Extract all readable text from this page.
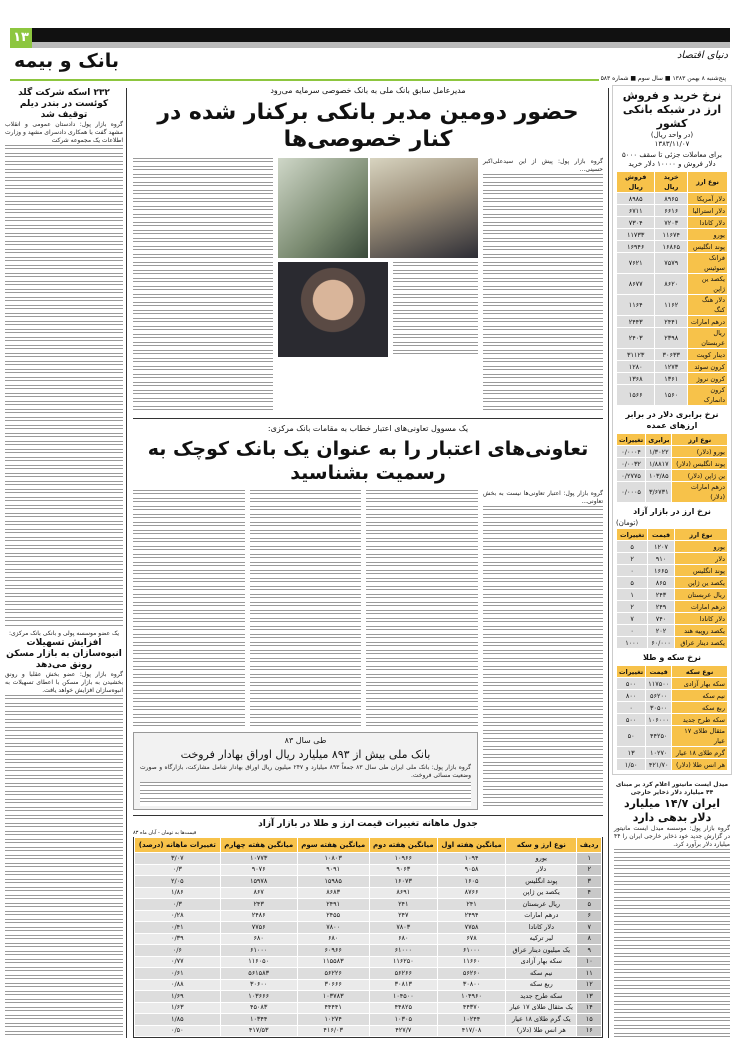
۱۳
دنیای اقتصاد
بانک و بیمه
پنج‌شنبه ۸ بهمن ۱۳۸۳ ■ سال سوم ■ شماره ۵۸۳
مدیرعامل سابق بانک ملی به بانک خصوصی سرمایه می‌رود
حضور دومین مدیر بانکی برکنار شده در کنار خصوصی‌ها
گروه بازار پول: پیش از این سیدعلی‌اکبر حسینی...
یک مسوول تعاونی‌های اعتبار خطاب به مقامات بانک مرکزی:
تعاونی‌های اعتبار را به عنوان یک بانک کوچک به رسمیت بشناسید
گروه بازار پول: اعتبار تعاونی‌ها نیست به بخش تعاونی...
طی سال ۸۳
بانک ملی بیش از ۸۹۳ میلیارد ریال اوراق بهادار فروخت
گروه بازار پول: بانک ملی ایران طی سال ۸۳ جمعاً ۸۹۳ میلیارد و ۲۴۷ میلیون ریال اوراق بهادار شامل مشارکت، بازارگاه و صورت وضعیت مسائی فروخت.
جدول ماهانه تغییرات قیمت ارز و طلا در بازار آزاد
قیمت‌ها به تومان - آبان ماه ۸۳
ردیف	نوع ارز و سکه	میانگین هفته اول	میانگین هفته دوم	میانگین هفته سوم	میانگین هفته چهارم	تغییرات ماهانه (درصد)
۱	یورو	۱۰۹۴	۱۰۹۶۶	۱۰۸۰۳	۱۰۷۷۳	۳/۰۷
۲	دلار	۹۰۵۸	۹۰۶۳	۹۰۹۱	۹۰۷۶	۰/۳
۳	پوند انگلیس	۱۶۰۵	۱۶۰۷۳	۱۵۹۸۵	۱۵۹۷۸	۲/۰۵
۴	یکصد ین ژاپن	۸۷۶۶	۸۶۹۱	۸۶۸۳	۸۶۷	۱/۸۶
۵	ریال عربستان	۲۴۱	۲۴۱	۲۴۹۱	۲۴۳	۰/۳
۶	درهم امارات	۲۴۹۴	۲۴۷	۲۴۵۵	۲۴۸۶	۰/۲۸
۷	دلار کانادا	۷۷۵۸	۷۸۰۳	۷۸۰۰	۷۷۵۶	۰/۴۱
۸	لیر ترکیه	۶۷۸	۶۸۰	۶۸۰	۶۸۰	۰/۳۹
۹	یک میلیون دینار عراق	۶۱۰۰۰	۶۱۰۰۰	۶۰۹۶۶	۶۱۰۰۰	۰/۶
۱۰	سکه بهار آزادی	۱۱۶۶۰	۱۱۶۲۵۰	۱۱۵۵۸۳	۱۱۶۰۵۰	۰/۷۷
۱۱	نیم سکه	۵۶۲۶۰	۵۶۲۶۶	۵۶۲۲۶	۵۶۱۵۸۳	۰/۶۱
۱۲	ربع سکه	۳۰۸۰۰	۳۰۸۱۳	۳۰۶۶۶	۳۰۶۰۰	۰/۸۸
۱۳	سکه طرح جدید	۱۰۴۹۶۰	۱۰۴۵۰۰	۱۰۳۷۸۳	۱۰۳۶۶۶	۱/۶۹
۱۴	یک مثقال طلای ۱۷ عیار	۴۴۳۷۰	۴۴۸۲۵	۴۴۴۴۱	۴۵۰۸۳	۱/۶۳
۱۵	یک گرم طلای ۱۸ عیار	۱۰۲۴۴	۱۰۳۰۵	۱۰۲۷۴	۱۰۳۴۴	۱/۸۵
۱۶	هر انس طلا (دلار)	۴۱۷/۰۸	۴۲۷/۷	۴۱۶/۰۳	۴۱۷/۵۳	۰/۵۰
۲۳۲ اسکه شرکت گلد کوئست در بندر دیلم توقیف شد
گروه بازار پول: دادستان عمومی و انقلاب مشهد گفت با همکاری دادسرای مشهد و وزارت اطلاعات یک مجموعه شرکت
یک عضو موسسه پولی و بانکی بانک مرکزی:
افزایش تسهیلات انبوه‌سازان به بازار مسکن رونق می‌دهد
گروه بازار پول: عضو بخش عقلبا و رونق بخشیدن به بازار مسکن با اعطای تسهیلات به انبوه‌سازان افزایش خواهد یافت.
نرخ خرید و فروش ارز در شبکه بانکی کشور
(در واحد ریال)
۱۳۸۳/۱۱/۰۷
برای معاملات جزئی تا سقف ۵۰۰۰ دلار فروش و ۱۰۰۰۰ دلار خرید
نوع ارز	خرید ریال	فروش ریال
دلار آمریکا	۸۹۶۵	۸۹۸۵
دلار استرالیا	۶۶۱۶	۶۷۱۱
دلار کانادا	۷۲۰۳	۷۳۰۴
یورو	۱۱۶۷۴	۱۱۷۳۳
پوند انگلیس	۱۶۸۶۵	۱۶۹۴۶
فرانک سوئیس	۷۵۷۹	۷۶۲۱
یکصد ین ژاپن	۸۶۲۰	۸۶۷۷
دلار هنگ کنگ	۱۱۶۲	۱۱۶۴
درهم امارات	۲۴۴۱	۲۴۴۳
ریال عربستان	۲۳۹۸	۲۴۰۳
دینار کویت	۳۰۶۳۳	۳۱۱۲۳
کرون سوئد	۱۲۷۳	۱۲۸۰
کرون نروژ	۱۳۶۱	۱۳۶۸
کرون دانمارک	۱۵۶۰	۱۵۶۶
نرخ برابری دلار در برابر ارزهای عمده
نوع ارز	برابری	تغییرات
یورو (دلار)	۱/۳۰۲۲	۰/۰۰۰۴
پوند انگلیس (دلار)	۱/۸۸۱۷	۰/۰۰۳۲
ین ژاپن (دلار)	۱۰۳/۸۵	۰/۲۷۷۵
درهم امارات (دلار)	۳/۶۷۳۱	۰/۰۰۰۵
نرخ ارز در بازار آزاد
(تومان)
نوع ارز	قیمت	تغییرات
یورو	۱۲۰۷	۵
دلار	۹۱۰	۲
پوند انگلیس	۱۶۶۵	۰
یکصد ین ژاپن	۸۶۵	۵
ریال عربستان	۲۴۳	۱
درهم امارات	۲۴۹	۲
دلار کانادا	۷۴۰	۷
یکصد روپیه هند	۲۰۲	۰
یکصد دینار عراق	۶۰/۰۰۰	۱۰۰۰
نرخ سکه و طلا
نوع سکه	قیمت	تغییرات
سکه بهار آزادی	۱۱۷۵۰۰	۵۰۰
نیم سکه	۵۶۲۰۰	۸۰۰
ربع سکه	۳۰۵۰۰	۰
سکه طرح جدید	۱۰۶۰۰۰	۵۰۰
مثقال طلای ۱۷ عیار	۴۴۲۵۰	۵۰
گرم طلای ۱۸ عیار	۱۰۲۷۰	۱۳
هر انس طلا (دلار)	۴۲۱/۷۰	۱/۵۰
میدل ایست مانیتور اعلام کرد بر مبنای ۴۴ میلیارد دلار ذخایر خارجی
ایران ۱۴/۷ میلیارد دلار بدهی دارد
گروه بازار پول: موسسه میدل ایست مانیتور در گزارش جدید خود ذخایر خارجی ایران را ۴۴ میلیارد دلار برآورد کرد.
